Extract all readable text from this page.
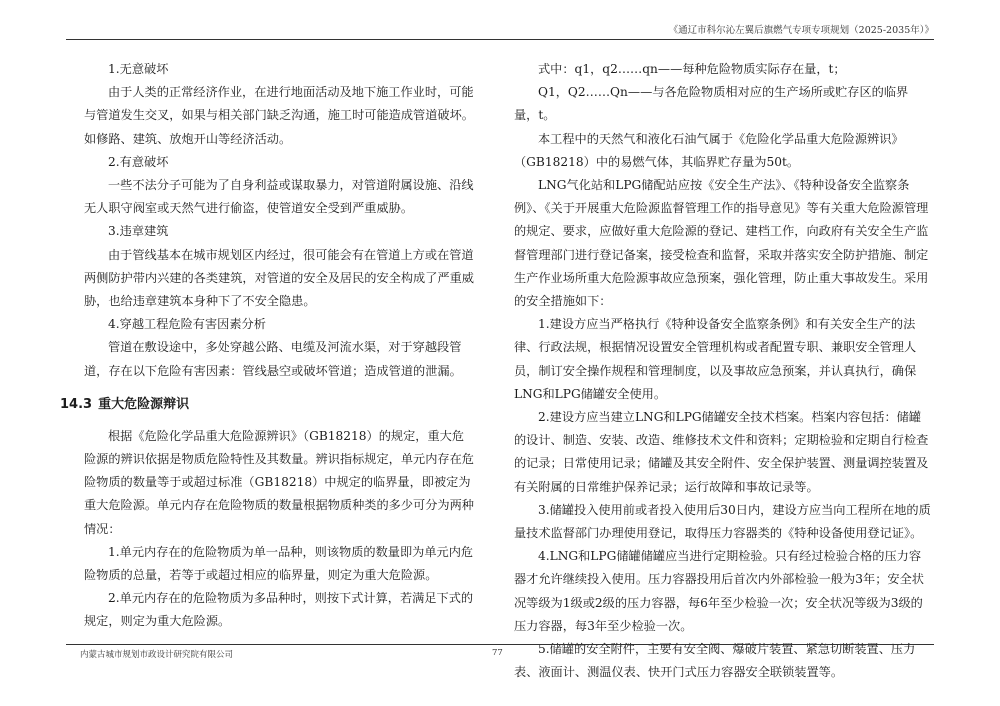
《通辽市科尔沁左翼后旗燃气专项专项规划（2025-2035年）》

1.无意破坏

由于人类的正常经济作业，在进行地面活动及地下施工作业时，可能与管道发生交叉，如果与相关部门缺乏沟通，施工时可能造成管道破坏。如修路、建筑、放炮开山等经济活动。

2.有意破坏

一些不法分子可能为了自身利益或谋取暴力，对管道附属设施、沿线无人职守阀室或天然气进行偷盗，使管道安全受到严重威胁。

3.违章建筑

由于管线基本在城市规划区内经过，很可能会有在管道上方或在管道两侧防护带内兴建的各类建筑，对管道的安全及居民的安全构成了严重威胁，也给违章建筑本身种下了不安全隐患。

4.穿越工程危险有害因素分析

管道在敷设途中，多处穿越公路、电缆及河流水渠，对于穿越段管道，存在以下危险有害因素：管线悬空或破坏管道；造成管道的泄漏。

14.3 重大危险源辩识

根据《危险化学品重大危险源辨识》（GB18218）的规定，重大危险源的辨识依据是物质危险特性及其数量。辨识指标规定，单元内存在危险物质的数量等于或超过标准（GB18218）中规定的临界量，即被定为重大危险源。单元内存在危险物质的数量根据物质种类的多少可分为两种情况：

1.单元内存在的危险物质为单一品种，则该物质的数量即为单元内危险物质的总量，若等于或超过相应的临界量，则定为重大危险源。

2.单元内存在的危险物质为多品种时，则按下式计算，若满足下式的规定，则定为重大危险源。

式中：q1，q2……qn——每种危险物质实际存在量，t；

Q1，Q2……Qn——与各危险物质相对应的生产场所或贮存区的临界量，t。

本工程中的天然气和液化石油气属于《危险化学品重大危险源辨识》（GB18218）中的易燃气体，其临界贮存量为50t。

LNG气化站和LPG储配站应按《安全生产法》、《特种设备安全监察条例》、《关于开展重大危险源监督管理工作的指导意见》等有关重大危险源管理的规定、要求，应做好重大危险源的登记、建档工作，向政府有关安全生产监督管理部门进行登记备案，接受检查和监督，采取并落实安全防护措施、制定生产作业场所重大危险源事故应急预案，强化管理，防止重大事故发生。采用的安全措施如下：

1.建设方应当严格执行《特种设备安全监察条例》和有关安全生产的法律、行政法规，根据情况设置安全管理机构或者配置专职、兼职安全管理人员，制订安全操作规程和管理制度，以及事故应急预案，并认真执行，确保LNG和LPG储罐安全使用。

2.建设方应当建立LNG和LPG储罐安全技术档案。档案内容包括：储罐的设计、制造、安装、改造、维修技术文件和资料；定期检验和定期自行检查的记录；日常使用记录；储罐及其安全附件、安全保护装置、测量调控装置及有关附属的日常维护保养记录；运行故障和事故记录等。

3.储罐投入使用前或者投入使用后30日内，建设方应当向工程所在地的质量技术监督部门办理使用登记，取得压力容器类的《特种设备使用登记证》。

4.LNG和LPG储罐储罐应当进行定期检验。只有经过检验合格的压力容器才允许继续投入使用。压力容器投用后首次内外部检验一般为3年；安全状况等级为1级或2级的压力容器，每6年至少检验一次；安全状况等级为3级的压力容器，每3年至少检验一次。

5.储罐的安全附件，主要有安全阀、爆破片装置、紧急切断装置、压力表、液面计、测温仪表、快开门式压力容器安全联锁装置等。

内蒙古城市规划市政设计研究院有限公司	77
